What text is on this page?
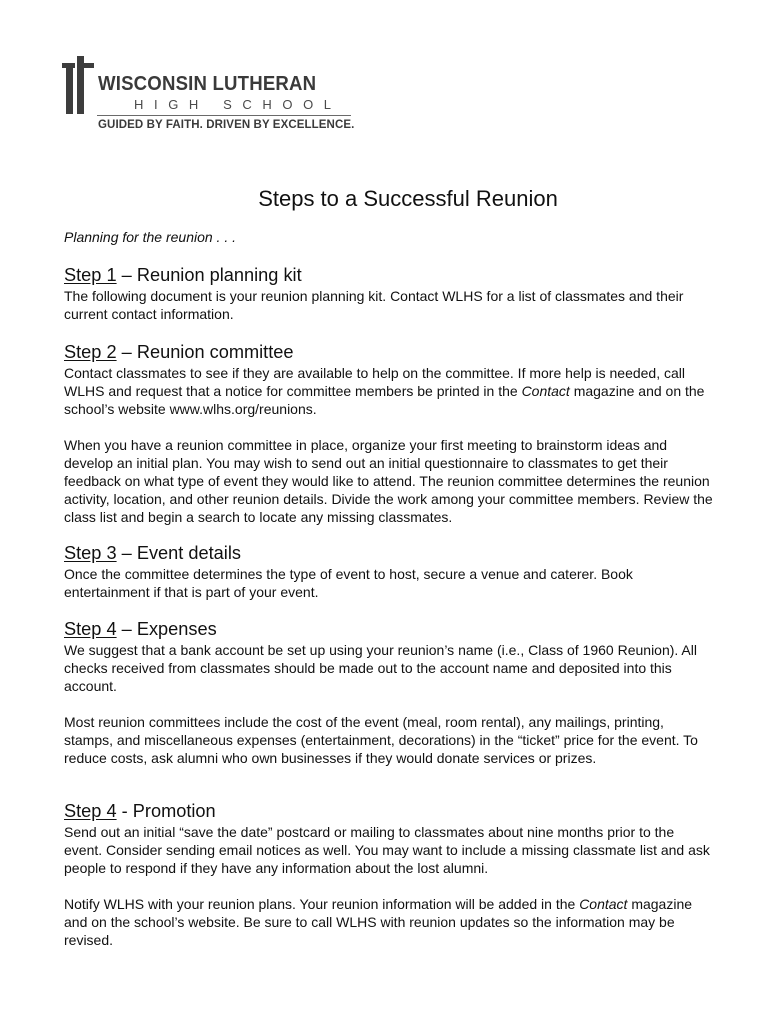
WISCONSIN LUTHERAN
HIGH SCHOOL
GUIDED BY FAITH. DRIVEN BY EXCELLENCE.
Steps to a Successful Reunion

Planning for the reunion . . .

Step 1 – Reunion planning kit

The following document is your reunion planning kit. Contact WLHS for a list of classmates and their current contact information.

Step 2 – Reunion committee

Contact classmates to see if they are available to help on the committee. If more help is needed, call WLHS and request that a notice for committee members be printed in the Contact magazine and on the school’s website www.wlhs.org/reunions.

When you have a reunion committee in place, organize your first meeting to brainstorm ideas and develop an initial plan. You may wish to send out an initial questionnaire to classmates to get their feedback on what type of event they would like to attend. The reunion committee determines the reunion activity, location, and other reunion details. Divide the work among your committee members. Review the class list and begin a search to locate any missing classmates.

Step 3 – Event details

Once the committee determines the type of event to host, secure a venue and caterer. Book entertainment if that is part of your event.

Step 4 – Expenses

We suggest that a bank account be set up using your reunion’s name (i.e., Class of 1960 Reunion). All checks received from classmates should be made out to the account name and deposited into this account.

Most reunion committees include the cost of the event (meal, room rental), any mailings, printing, stamps, and miscellaneous expenses (entertainment, decorations) in the “ticket” price for the event. To reduce costs, ask alumni who own businesses if they would donate services or prizes.

Step 4 - Promotion

Send out an initial “save the date” postcard or mailing to classmates about nine months prior to the event. Consider sending email notices as well. You may want to include a missing classmate list and ask people to respond if they have any information about the lost alumni.

Notify WLHS with your reunion plans. Your reunion information will be added in the Contact magazine and on the school’s website. Be sure to call WLHS with reunion updates so the information may be revised.
